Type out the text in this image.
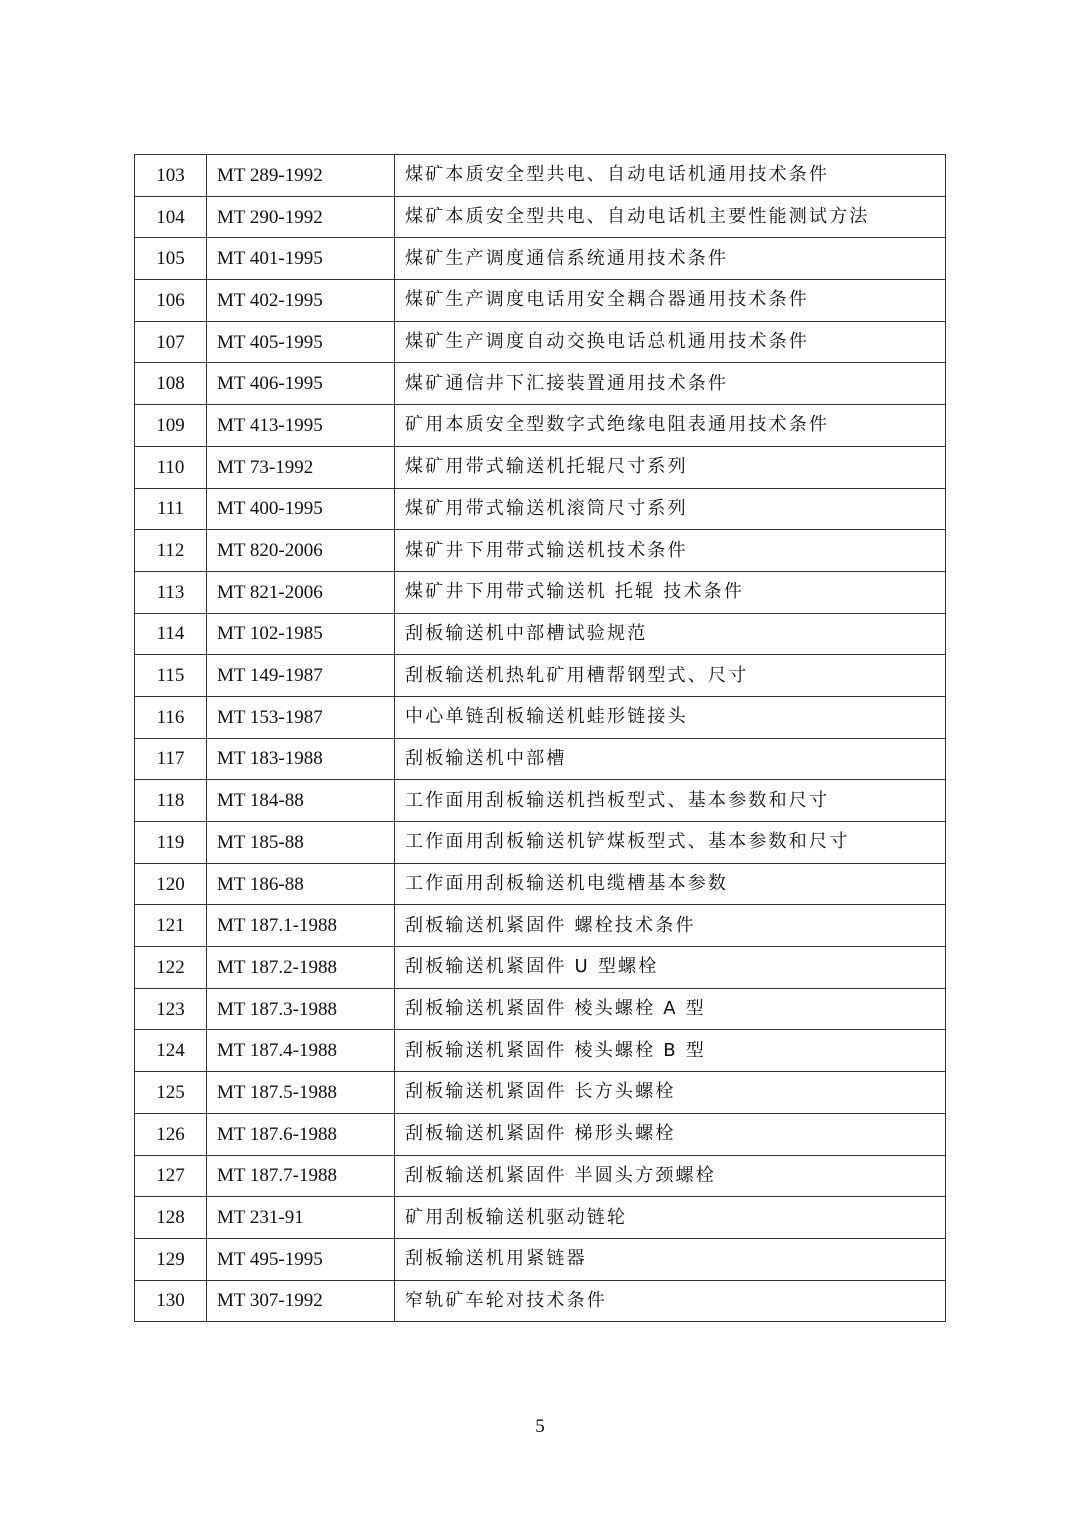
103	MT 289-1992	煤矿本质安全型共电、自动电话机通用技术条件
104	MT 290-1992	煤矿本质安全型共电、自动电话机主要性能测试方法
105	MT 401-1995	煤矿生产调度通信系统通用技术条件
106	MT 402-1995	煤矿生产调度电话用安全耦合器通用技术条件
107	MT 405-1995	煤矿生产调度自动交换电话总机通用技术条件
108	MT 406-1995	煤矿通信井下汇接装置通用技术条件
109	MT 413-1995	矿用本质安全型数字式绝缘电阻表通用技术条件
110	MT 73-1992	煤矿用带式输送机托辊尺寸系列
111	MT 400-1995	煤矿用带式输送机滚筒尺寸系列
112	MT 820-2006	煤矿井下用带式输送机技术条件
113	MT 821-2006	煤矿井下用带式输送机 托辊 技术条件
114	MT 102-1985	刮板输送机中部槽试验规范
115	MT 149-1987	刮板输送机热轧矿用槽帮钢型式、尺寸
116	MT 153-1987	中心单链刮板输送机蛙形链接头
117	MT 183-1988	刮板输送机中部槽
118	MT 184-88	工作面用刮板输送机挡板型式、基本参数和尺寸
119	MT 185-88	工作面用刮板输送机铲煤板型式、基本参数和尺寸
120	MT 186-88	工作面用刮板输送机电缆槽基本参数
121	MT 187.1-1988	刮板输送机紧固件 螺栓技术条件
122	MT 187.2-1988	刮板输送机紧固件 U 型螺栓
123	MT 187.3-1988	刮板输送机紧固件 棱头螺栓 A 型
124	MT 187.4-1988	刮板输送机紧固件 棱头螺栓 B 型
125	MT 187.5-1988	刮板输送机紧固件 长方头螺栓
126	MT 187.6-1988	刮板输送机紧固件 梯形头螺栓
127	MT 187.7-1988	刮板输送机紧固件 半圆头方颈螺栓
128	MT 231-91	矿用刮板输送机驱动链轮
129	MT 495-1995	刮板输送机用紧链器
130	MT 307-1992	窄轨矿车轮对技术条件
5
